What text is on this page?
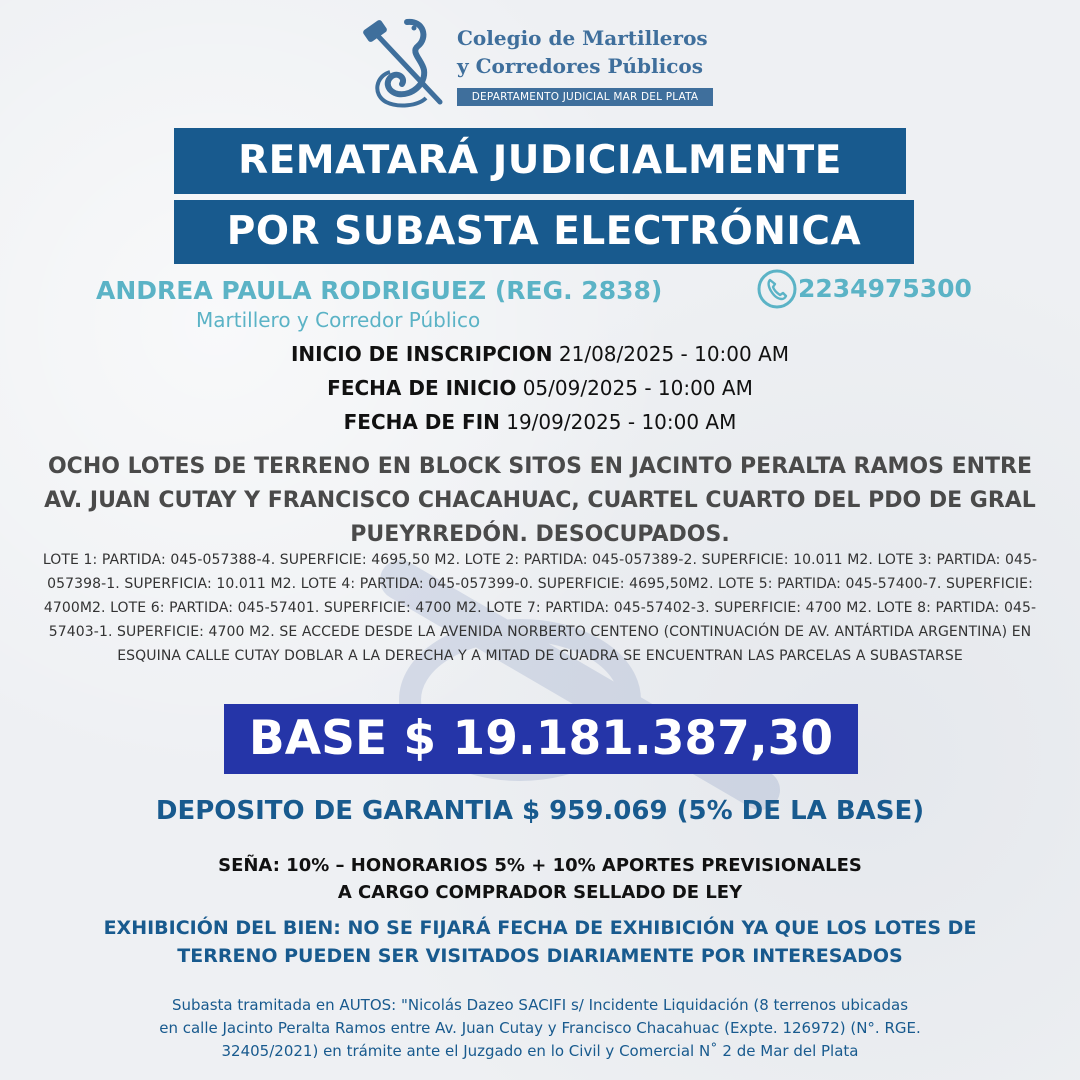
Colegio de Martilleros
y Corredores Públicos
DEPARTAMENTO JUDICIAL MAR DEL PLATA
REMATARÁ JUDICIALMENTE
POR SUBASTA ELECTRÓNICA
ANDREA PAULA RODRIGUEZ (REG. 2838)
Martillero y Corredor Público
2234975300
INICIO DE INSCRIPCION 21/08/2025 - 10:00 AM
FECHA DE INICIO 05/09/2025 - 10:00 AM
FECHA DE FIN 19/09/2025 - 10:00 AM
OCHO LOTES DE TERRENO EN BLOCK SITOS EN JACINTO PERALTA RAMOS ENTRE AV. JUAN CUTAY Y FRANCISCO CHACAHUAC, CUARTEL CUARTO DEL PDO DE GRAL PUEYRREDÓN. DESOCUPADOS.
LOTE 1: PARTIDA: 045-057388-4. SUPERFICIE: 4695,50 M2. LOTE 2: PARTIDA: 045-057389-2. SUPERFICIE: 10.011 M2. LOTE 3: PARTIDA: 045-057398-1. SUPERFICIA: 10.011 M2. LOTE 4: PARTIDA: 045-057399-0. SUPERFICIE: 4695,50M2. LOTE 5: PARTIDA: 045-57400-7. SUPERFICIE: 4700M2. LOTE 6: PARTIDA: 045-57401. SUPERFICIE: 4700 M2. LOTE 7: PARTIDA: 045-57402-3. SUPERFICIE: 4700 M2. LOTE 8: PARTIDA: 045-57403-1. SUPERFICIE: 4700 M2. SE ACCEDE DESDE LA AVENIDA NORBERTO CENTENO (CONTINUACIÓN DE AV. ANTÁRTIDA ARGENTINA) EN ESQUINA CALLE CUTAY DOBLAR A LA DERECHA Y A MITAD DE CUADRA SE ENCUENTRAN LAS PARCELAS A SUBASTARSE
BASE $ 19.181.387,30
DEPOSITO DE GARANTIA $ 959.069 (5% DE LA BASE)
SEÑA: 10% – HONORARIOS 5% + 10% APORTES PREVISIONALES
A CARGO COMPRADOR SELLADO DE LEY
EXHIBICIÓN DEL BIEN: NO SE FIJARÁ FECHA DE EXHIBICIÓN YA QUE LOS LOTES DE
TERRENO PUEDEN SER VISITADOS DIARIAMENTE POR INTERESADOS
Subasta tramitada en AUTOS: "Nicolás Dazeo SACIFI s/ Incidente Liquidación (8 terrenos ubicadas
en calle Jacinto Peralta Ramos entre Av. Juan Cutay y Francisco Chacahuac (Expte. 126972) (N°. RGE.
32405/2021) en trámite ante el Juzgado en lo Civil y Comercial N˚ 2 de Mar del Plata
